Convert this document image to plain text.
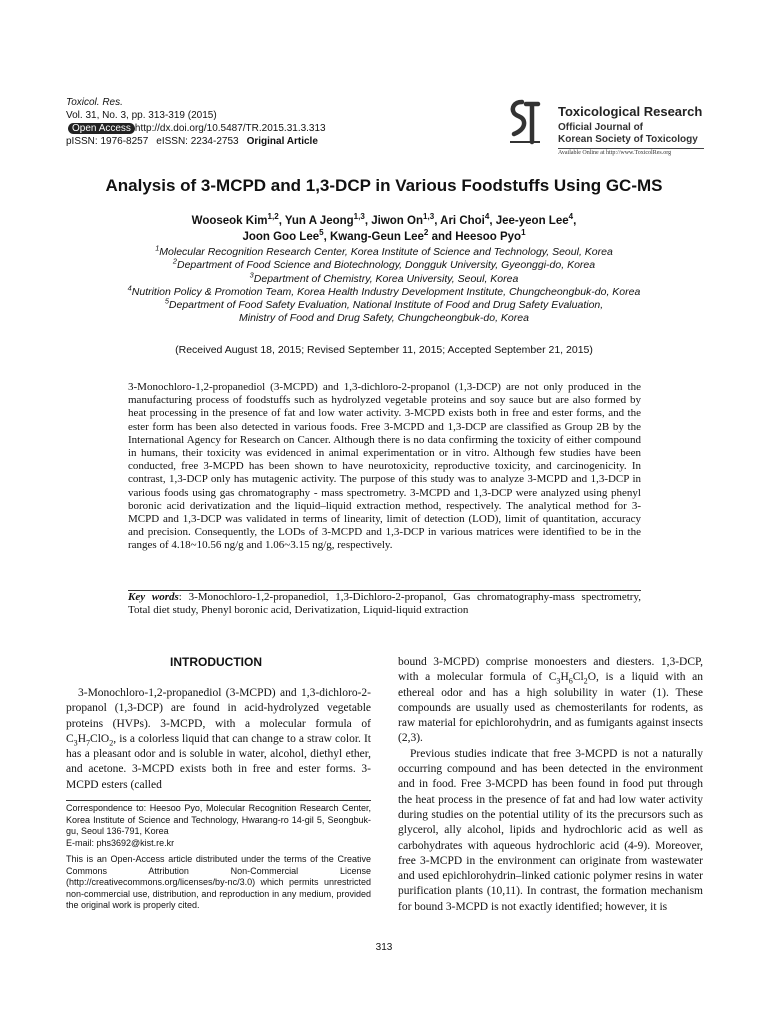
Toxicol. Res.
Vol. 31, No. 3, pp. 313-319 (2015)
Open Access http://dx.doi.org/10.5487/TR.2015.31.3.313
pISSN: 1976-8257 eISSN: 2234-2753 Original Article
Toxicological Research
Official Journal of
Korean Society of Toxicology
Available Online at http://www.ToxicolRes.org
Analysis of 3-MCPD and 1,3-DCP in Various Foodstuffs Using GC-MS
Wooseok Kim$^{1,2}$, Yun A Jeong$^{1,3}$, Jiwon On$^{1,3}$, Ari Choi$^4$, Jee-yeon Lee$^4$,
Joon Goo Lee$^5$, Kwang-Geun Lee$^2$ and Heesoo Pyo$^1$
$^1$Molecular Recognition Research Center, Korea Institute of Science and Technology, Seoul, Korea
$^2$Department of Food Science and Biotechnology, Dongguk University, Gyeonggi-do, Korea
$^3$Department of Chemistry, Korea University, Seoul, Korea
$^4$Nutrition Policy & Promotion Team, Korea Health Industry Development Institute, Chungcheongbuk-do, Korea
$^5$Department of Food Safety Evaluation, National Institute of Food and Drug Safety Evaluation,
Ministry of Food and Drug Safety, Chungcheongbuk-do, Korea
(Received August 18, 2015; Revised September 11, 2015; Accepted September 21, 2015)
3-Monochloro-1,2-propanediol (3-MCPD) and 1,3-dichloro-2-propanol (1,3-DCP) are not only produced in the manufacturing process of foodstuffs such as hydrolyzed vegetable proteins and soy sauce but are also formed by heat processing in the presence of fat and low water activity. 3-MCPD exists both in free and ester forms, and the ester form has been also detected in various foods. Free 3-MCPD and 1,3-DCP are classified as Group 2B by the International Agency for Research on Cancer. Although there is no data confirming the toxicity of either compound in humans, their toxicity was evidenced in animal experimentation or in vitro. Although few studies have been conducted, free 3-MCPD has been shown to have neurotoxicity, reproductive toxicity, and carcinogenicity. In contrast, 1,3-DCP only has mutagenic activity. The purpose of this study was to analyze 3-MCPD and 1,3-DCP in various foods using gas chromatography - mass spectrometry. 3-MCPD and 1,3-DCP were analyzed using phenyl boronic acid derivatization and the liquid–liquid extraction method, respectively. The analytical method for 3-MCPD and 1,3-DCP was validated in terms of linearity, limit of detection (LOD), limit of quantitation, accuracy and precision. Consequently, the LODs of 3-MCPD and 1,3-DCP in various matrices were identified to be in the ranges of 4.18~10.56 ng/g and 1.06~3.15 ng/g, respectively.
Key words: 3-Monochloro-1,2-propanediol, 1,3-Dichloro-2-propanol, Gas chromatography-mass spectrometry, Total diet study, Phenyl boronic acid, Derivatization, Liquid-liquid extraction
INTRODUCTION
3-Monochloro-1,2-propanediol (3-MCPD) and 1,3-dichloro-2-propanol (1,3-DCP) are found in acid-hydrolyzed vegetable proteins (HVPs). 3-MCPD, with a molecular formula of $C_3H_7ClO_2$, is a colorless liquid that can change to a straw color. It has a pleasant odor and is soluble in water, alcohol, diethyl ether, and acetone. 3-MCPD exists both in free and ester forms. 3-MCPD esters (called

Correspondence to: Heesoo Pyo, Molecular Recognition Research Center, Korea Institute of Science and Technology, Hwarang-ro 14-gil 5, Seongbuk-gu, Seoul 136-791, Korea
E-mail: phs3692@kist.re.kr

This is an Open-Access article distributed under the terms of the Creative Commons Attribution Non-Commercial License (http://creativecommons.org/licenses/by-nc/3.0) which permits unrestricted non-commercial use, distribution, and reproduction in any medium, provided the original work is properly cited.

bound 3-MCPD) comprise monoesters and diesters. 1,3-DCP, with a molecular formula of $C_3H_6Cl_2O$, is a liquid with an ethereal odor and has a high solubility in water (1). These compounds are usually used as chemosterilants for rodents, as raw material for epichlorohydrin, and as fumigants against insects (2,3).

Previous studies indicate that free 3-MCPD is not a naturally occurring compound and has been detected in the environment and in food. Free 3-MCPD has been found in food put through the heat process in the presence of fat and had low water activity during studies on the potential utility of its the precursors such as glycerol, ally alcohol, lipids and hydrochloric acid as well as carbohydrates with aqueous hydrochloric acid (4-9). Moreover, free 3-MCPD in the environment can originate from wastewater and used epichlorohydrin–linked cationic polymer resins in water purification plants (10,11). In contrast, the formation mechanism for bound 3-MCPD is not exactly identified; however, it is

313
